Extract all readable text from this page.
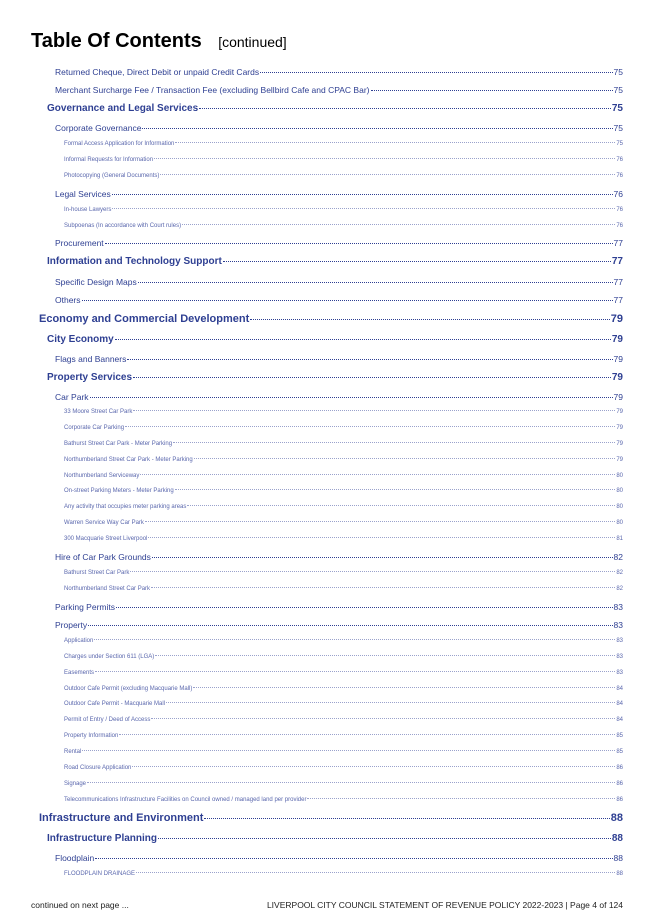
Table Of Contents [continued]
Returned Cheque, Direct Debit or unpaid Credit Cards	75
Merchant Surcharge Fee / Transaction Fee (excluding Bellbird Cafe and CPAC Bar)	75
Governance and Legal Services	75
Corporate Governance	75
Formal Access Application for Information	75
Informal Requests for Information	76
Photocopying (General Documents)	76
Legal Services	76
In-house Lawyers	76
Subpoenas (In accordance with Court rules)	76
Procurement	77
Information and Technology Support	77
Specific Design Maps	77
Others	77
Economy and Commercial Development	79
City Economy	79
Flags and Banners	79
Property Services	79
Car Park	79
33 Moore Street Car Park	79
Corporate Car Parking	79
Bathurst Street Car Park - Meter Parking	79
Northumberland Street Car Park - Meter Parking	79
Northumberland Serviceway	80
On-street Parking Meters - Meter Parking	80
Any activity that occupies meter parking areas	80
Warren Service Way Car Park	80
300 Macquarie Street Liverpool	81
Hire of Car Park Grounds	82
Bathurst Street Car Park	82
Northumberland Street Car Park	82
Parking Permits	83
Property	83
Application	83
Charges under Section 611 (LGA)	83
Easements	83
Outdoor Cafe Permit (excluding Macquarie Mall)	84
Outdoor Cafe Permit - Macquarie Mall	84
Permit of Entry / Deed of Access	84
Property Information	85
Rental	85
Road Closure Application	86
Signage	86
Telecommunications Infrastructure Facilities on Council owned / managed land per provider	86
Infrastructure and Environment	88
Infrastructure Planning	88
Floodplain	88
FLOODPLAIN DRAINAGE	88
continued on next page ...	LIVERPOOL CITY COUNCIL STATEMENT OF REVENUE POLICY 2022-2023 | Page 4 of 124
